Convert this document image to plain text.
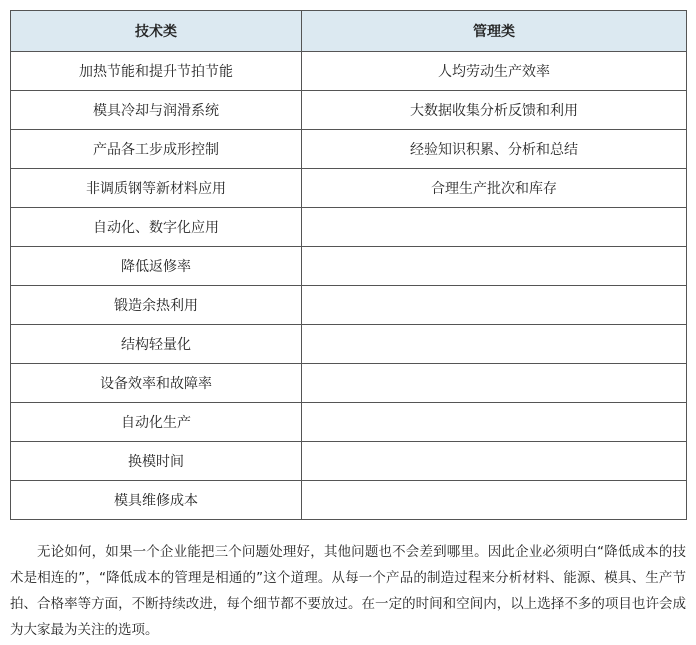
技术类	管理类
加热节能和提升节拍节能	人均劳动生产效率
模具冷却与润滑系统	大数据收集分析反馈和利用
产品各工步成形控制	经验知识积累、分析和总结
非调质钢等新材料应用	合理生产批次和库存
自动化、数字化应用	
降低返修率	
锻造余热利用	
结构轻量化	
设备效率和故障率	
自动化生产	
换模时间	
模具维修成本	

无论如何，如果一个企业能把三个问题处理好，其他问题也不会差到哪里。因此企业必须明白“降低成本的技术是相连的”，“降低成本的管理是相通的”这个道理。从每一个产品的制造过程来分析材料、能源、模具、生产节拍、合格率等方面，不断持续改进，每个细节都不要放过。在一定的时间和空间内，以上选择不多的项目也许会成为大家最为关注的选项。
